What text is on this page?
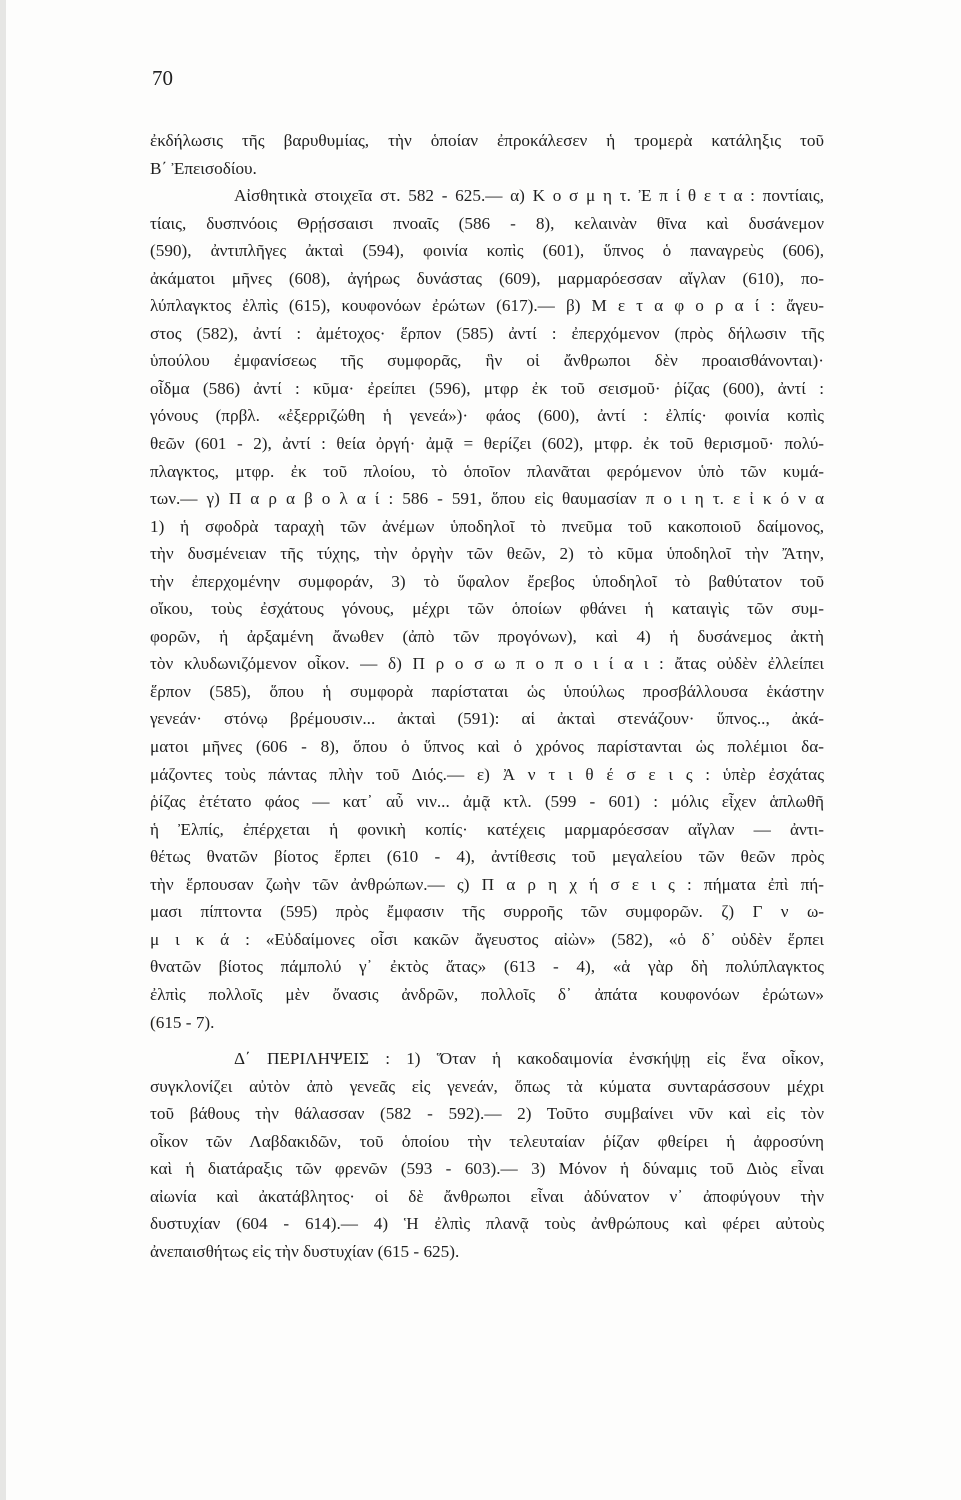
70

ἐκδήλωσις τῆς βαρυθυμίας, τὴν ὁποίαν ἐπροκάλεσεν ἡ τρομερὰ κατάληξις τοῦ
Β΄ Ἐπεισοδίου.
Αἰσθητικὰ στοιχεῖα στ. 582 - 625.— α) Κ ο σ μ η τ. Ἐ π ί θ ε τ α : ποντίαις,
τίαις, δυσπνόοις Θρῄσσαισι πνοαῖς (586 - 8), κελαινὰν θῖνα καὶ δυσάνεμον
(590), ἀντιπλῆγες ἀκταὶ (594), φοινία κοπὶς (601), ὕπνος ὁ παναγρεὺς (606),
ἀκάματοι μῆνες (608), ἀγήρως δυνάστας (609), μαρμαρόεσσαν αἴγλαν (610), πο-
λύπλαγκτος ἐλπὶς (615), κουφονόων ἐρώτων (617).— β) Μ ε τ α φ ο ρ α ί : ἄγευ-
στος (582), ἀντί : ἀμέτοχος· ἕρπον (585) ἀντί : ἐπερχόμενον (πρὸς δήλωσιν τῆς
ὑπούλου ἐμφανίσεως τῆς συμφορᾶς, ἣν οἱ ἄνθρωποι δὲν προαισθάνονται)·
οἶδμα (586) ἀντί : κῦμα· ἐρείπει (596), μτφρ ἐκ τοῦ σεισμοῦ· ῥίζας (600), ἀντί :
γόνους (πρβλ. «ἐξερριζώθη ἡ γενεά»)· φάος (600), ἀντί : ἐλπίς· φοινία κοπὶς
θεῶν (601 - 2), ἀντί : θεία ὀργή· ἀμᾷ = θερίζει (602), μτφρ. ἐκ τοῦ θερισμοῦ· πολύ-
πλαγκτος, μτφρ. ἐκ τοῦ πλοίου, τὸ ὁποῖον πλανᾶται φερόμενον ὑπὸ τῶν κυμά-
των.— γ) Π α ρ α β ο λ α ί : 586 - 591, ὅπου εἰς θαυμασίαν π ο ι η τ. ε ἰ κ ό ν α
1) ἡ σφοδρὰ ταραχὴ τῶν ἀνέμων ὑποδηλοῖ τὸ πνεῦμα τοῦ κακοποιοῦ δαίμονος,
τὴν δυσμένειαν τῆς τύχης, τὴν ὀργὴν τῶν θεῶν, 2) τὸ κῦμα ὑποδηλοῖ τὴν Ἄτην,
τὴν ἐπερχομένην συμφοράν, 3) τὸ ὕφαλον ἔρεβος ὑποδηλοῖ τὸ βαθύτατον τοῦ
οἴκου, τοὺς ἐσχάτους γόνους, μέχρι τῶν ὁποίων φθάνει ἡ καταιγὶς τῶν συμ-
φορῶν, ἡ ἀρξαμένη ἄνωθεν (ἀπὸ τῶν προγόνων), καὶ 4) ἡ δυσάνεμος ἀκτὴ
τὸν κλυδωνιζόμενον οἶκον. — δ) Π ρ ο σ ω π ο π ο ι ί α ι : ἄτας οὐδὲν ἐλλείπει
ἕρπον (585), ὅπου ἡ συμφορὰ παρίσταται ὡς ὑπούλως προσβάλλουσα ἑκάστην
γενεάν· στόνῳ βρέμουσιν... ἀκταὶ (591): αἱ ἀκταὶ στενάζουν· ὕπνος.., ἀκά-
ματοι μῆνες (606 - 8), ὅπου ὁ ὕπνος καὶ ὁ χρόνος παρίστανται ὡς πολέμιοι δα-
μάζοντες τοὺς πάντας πλὴν τοῦ Διός.— ε) Ἀ ν τ ι θ έ σ ε ι ς : ὑπὲρ ἐσχάτας
ῥίζας ἐτέτατο φάος — κατ᾽ αὖ νιν... ἀμᾷ κτλ. (599 - 601) : μόλις εἶχεν ἁπλωθῆ
ἡ Ἐλπίς, ἐπέρχεται ἡ φονικὴ κοπίς· κατέχεις μαρμαρόεσσαν αἴγλαν — ἀντι-
θέτως θνατῶν βίοτος ἕρπει (610 - 4), ἀντίθεσις τοῦ μεγαλείου τῶν θεῶν πρὸς
τὴν ἕρπουσαν ζωὴν τῶν ἀνθρώπων.— ς) Π α ρ η χ ή σ ε ι ς : πήματα ἐπὶ πή-
μασι πίπτοντα (595) πρὸς ἔμφασιν τῆς συρροῆς τῶν συμφορῶν. ζ) Γ ν ω-
μ ι κ ά : «Εὐδαίμονες οἷσι κακῶν ἄγευστος αἰὼν» (582), «ὁ δ᾽ οὐδὲν ἕρπει
θνατῶν βίοτος πάμπολύ γ᾽ ἐκτὸς ἄτας» (613 - 4), «ἁ γὰρ δὴ πολύπλαγκτος
ἐλπὶς πολλοῖς μὲν ὄνασις ἀνδρῶν, πολλοῖς δ᾽ ἀπάτα κουφονόων ἐρώτων»
(615 - 7).
Δ΄ ΠΕΡΙΛΗΨΕΙΣ : 1) Ὅταν ἡ κακοδαιμονία ἐνσκήψῃ εἰς ἕνα οἶκον,
συγκλονίζει αὐτὸν ἀπὸ γενεᾶς εἰς γενεάν, ὅπως τὰ κύματα συνταράσσουν μέχρι
τοῦ βάθους τὴν θάλασσαν (582 - 592).— 2) Τοῦτο συμβαίνει νῦν καὶ εἰς τὸν
οἶκον τῶν Λαβδακιδῶν, τοῦ ὁποίου τὴν τελευταίαν ῥίζαν φθείρει ἡ ἀφροσύνη
καὶ ἡ διατάραξις τῶν φρενῶν (593 - 603).— 3) Μόνον ἡ δύναμις τοῦ Διὸς εἶναι
αἰωνία καὶ ἀκατάβλητος· οἱ δὲ ἄνθρωποι εἶναι ἀδύνατον ν᾽ ἀποφύγουν τὴν
δυστυχίαν (604 - 614).— 4) Ἡ ἐλπὶς πλανᾷ τοὺς ἀνθρώπους καὶ φέρει αὐτοὺς
ἀνεπαισθήτως εἰς τὴν δυστυχίαν (615 - 625).
